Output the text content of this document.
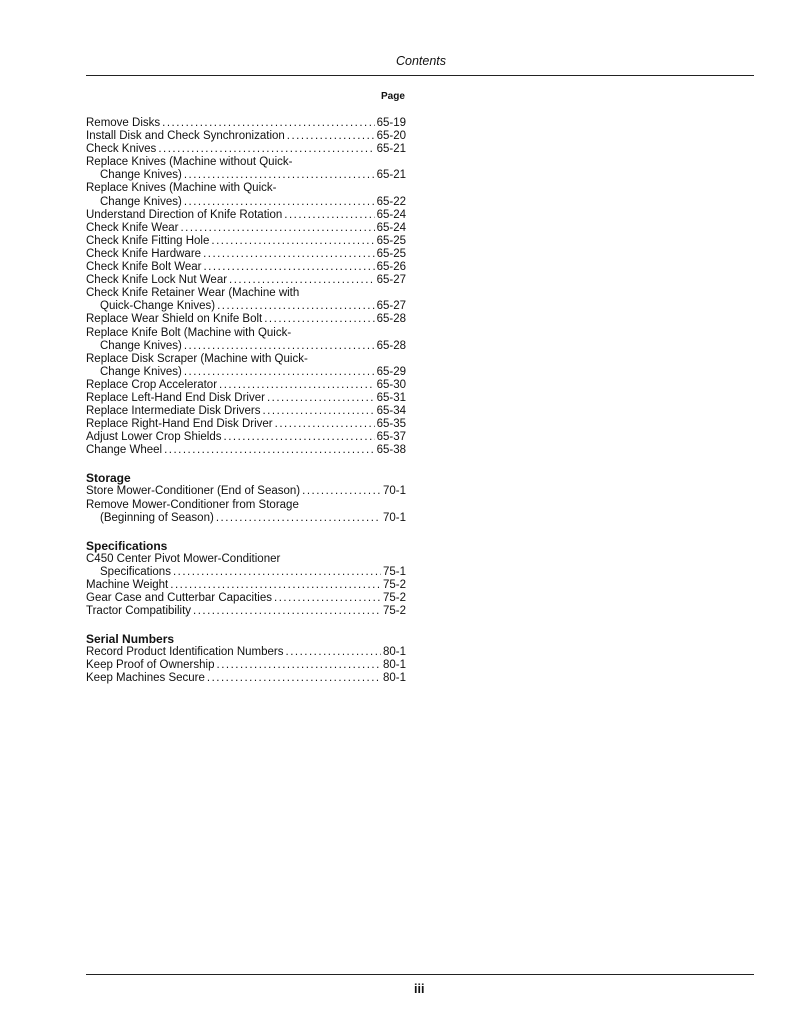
Contents
Page
Remove Disks .....	65-19
Install Disk and Check Synchronization .....	65-20
Check Knives .....	65-21
Replace Knives (Machine without Quick-
Change Knives) .....	65-21
Replace Knives (Machine with Quick-
Change Knives) .....	65-22
Understand Direction of Knife Rotation .....	65-24
Check Knife Wear .....	65-24
Check Knife Fitting Hole .....	65-25
Check Knife Hardware .....	65-25
Check Knife Bolt Wear .....	65-26
Check Knife Lock Nut Wear .....	65-27
Check Knife Retainer Wear (Machine with
Quick-Change Knives) .....	65-27
Replace Wear Shield on Knife Bolt .....	65-28
Replace Knife Bolt (Machine with Quick-
Change Knives) .....	65-28
Replace Disk Scraper (Machine with Quick-
Change Knives) .....	65-29
Replace Crop Accelerator .....	65-30
Replace Left-Hand End Disk Driver .....	65-31
Replace Intermediate Disk Drivers .....	65-34
Replace Right-Hand End Disk Driver .....	65-35
Adjust Lower Crop Shields .....	65-37
Change Wheel .....	65-38
Storage
Store Mower-Conditioner (End of Season) .....	70-1
Remove Mower-Conditioner from Storage
(Beginning of Season) .....	70-1
Specifications
C450 Center Pivot Mower-Conditioner
Specifications .....	75-1
Machine Weight .....	75-2
Gear Case and Cutterbar Capacities .....	75-2
Tractor Compatibility .....	75-2
Serial Numbers
Record Product Identification Numbers .....	80-1
Keep Proof of Ownership .....	80-1
Keep Machines Secure .....	80-1
iii
